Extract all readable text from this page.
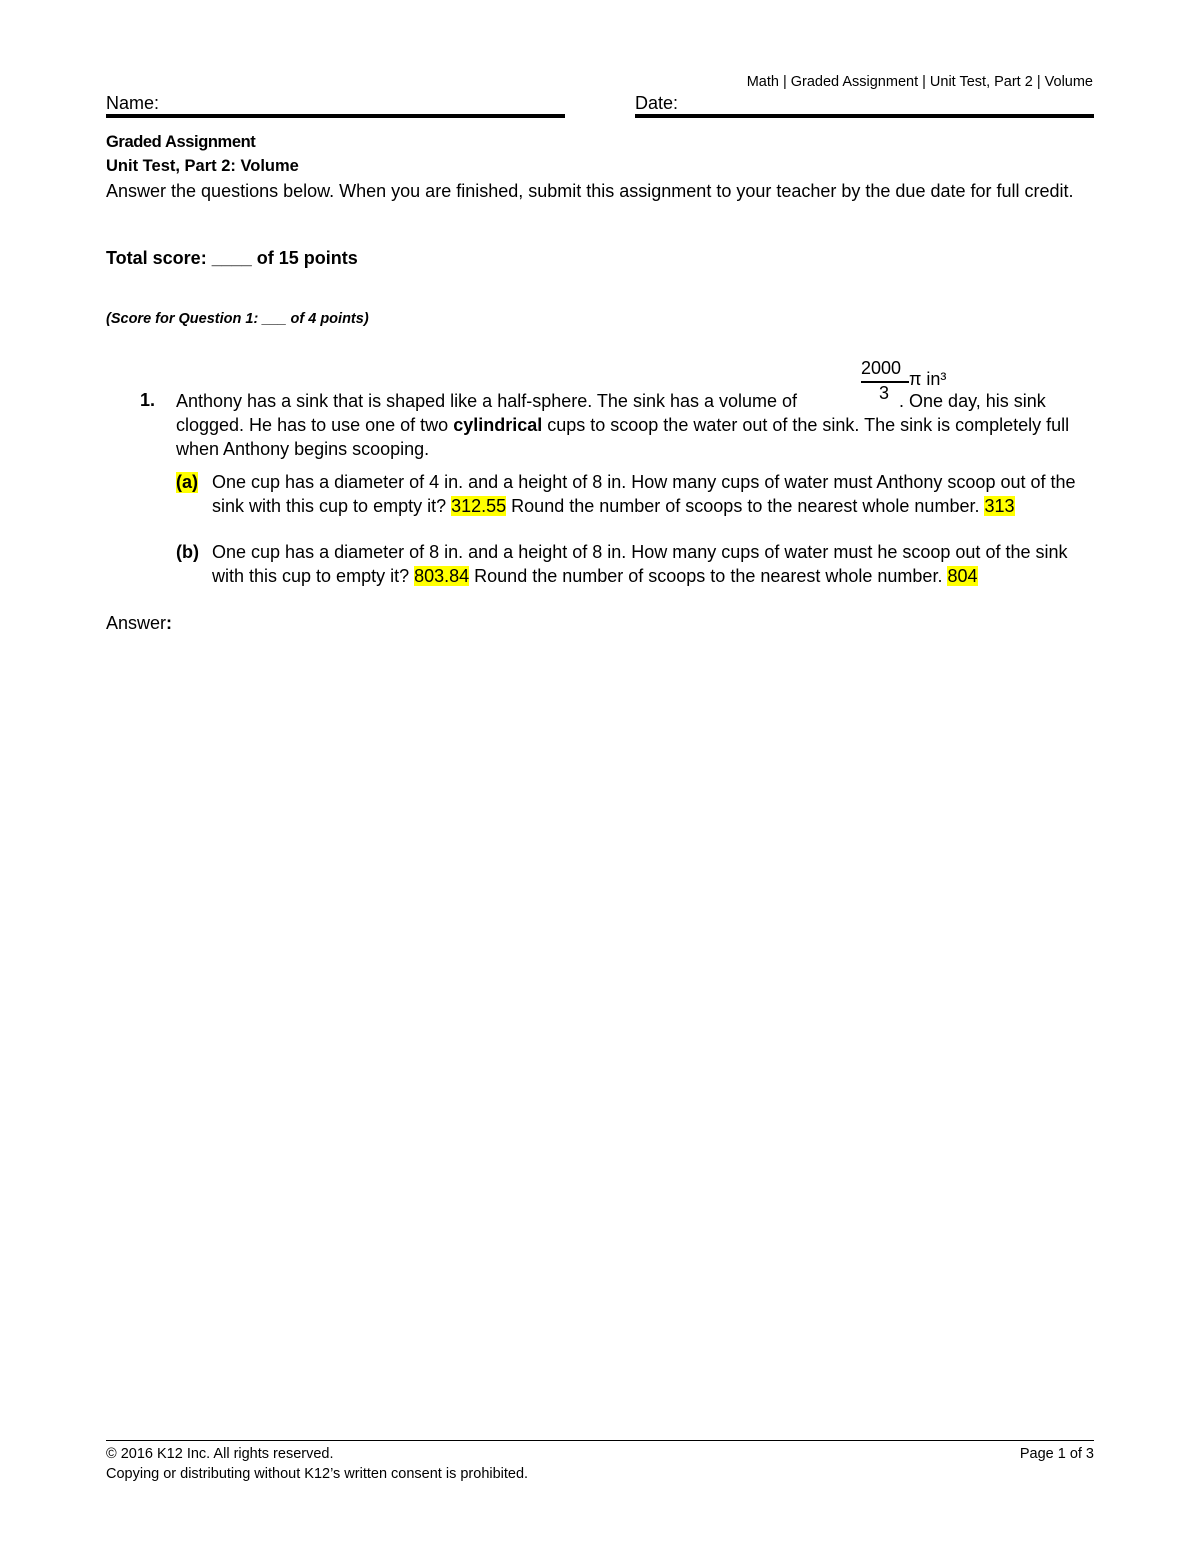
Math | Graded Assignment | Unit Test, Part 2 | Volume
Name:	Date:
Graded Assignment
Unit Test, Part 2: Volume
Answer the questions below. When you are finished, submit this assignment to your teacher by the due date for full credit.
Total score: ____ of 15 points
(Score for Question 1: ___ of 4 points)
2000
3
π in³
1. Anthony has a sink that is shaped like a half-sphere. The sink has a volume of	. One day, his sink clogged. He has to use one of two cylindrical cups to scoop the water out of the sink. The sink is completely full when Anthony begins scooping.
(a) One cup has a diameter of 4 in. and a height of 8 in. How many cups of water must Anthony scoop out of the sink with this cup to empty it? 312.55 Round the number of scoops to the nearest whole number. 313
(b) One cup has a diameter of 8 in. and a height of 8 in. How many cups of water must he scoop out of the sink with this cup to empty it? 803.84 Round the number of scoops to the nearest whole number. 804
Answer:
© 2016 K12 Inc. All rights reserved.
Copying or distributing without K12’s written consent is prohibited.
Page 1 of 3
